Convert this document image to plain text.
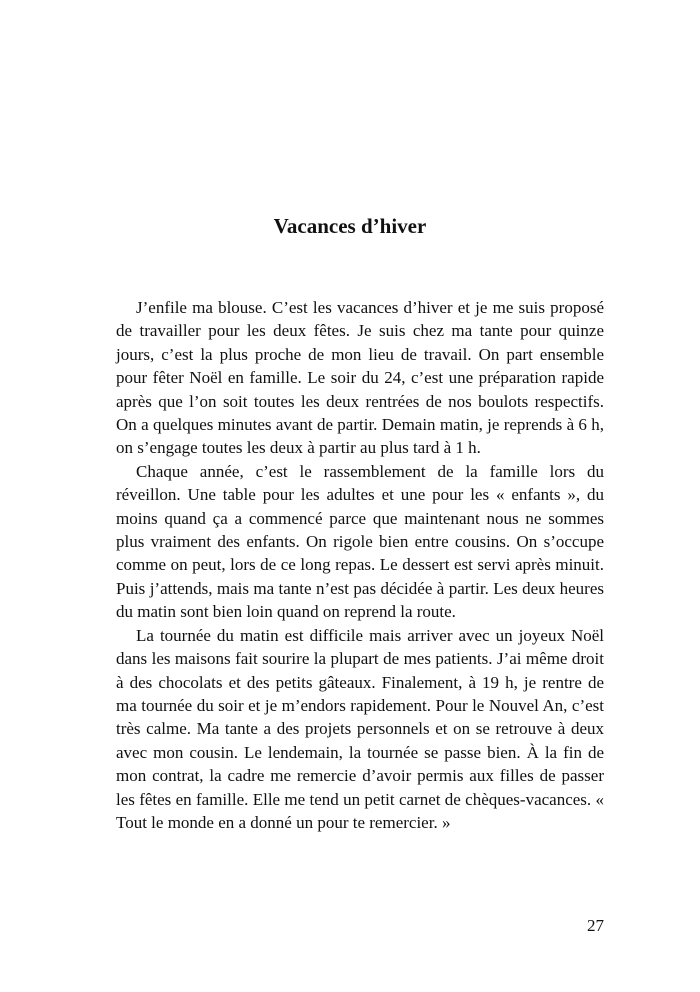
Vacances d’hiver

J’enfile ma blouse. C’est les vacances d’hiver et je me suis proposé de travailler pour les deux fêtes. Je suis chez ma tante pour quinze jours, c’est la plus proche de mon lieu de travail. On part ensemble pour fêter Noël en famille. Le soir du 24, c’est une préparation rapide après que l’on soit toutes les deux rentrées de nos boulots respectifs. On a quelques minutes avant de partir. Demain matin, je reprends à 6 h, on s’engage toutes les deux à partir au plus tard à 1 h.

Chaque année, c’est le rassemblement de la famille lors du réveillon. Une table pour les adultes et une pour les « enfants », du moins quand ça a commencé parce que maintenant nous ne sommes plus vraiment des enfants. On rigole bien entre cousins. On s’occupe comme on peut, lors de ce long repas. Le dessert est servi après minuit. Puis j’attends, mais ma tante n’est pas décidée à partir. Les deux heures du matin sont bien loin quand on reprend la route.

La tournée du matin est difficile mais arriver avec un joyeux Noël dans les maisons fait sourire la plupart de mes patients. J’ai même droit à des chocolats et des petits gâteaux. Finalement, à 19 h, je rentre de ma tournée du soir et je m’endors rapidement. Pour le Nouvel An, c’est très calme. Ma tante a des projets personnels et on se retrouve à deux avec mon cousin. Le lendemain, la tournée se passe bien. À la fin de mon contrat, la cadre me remercie d’avoir permis aux filles de passer les fêtes en famille. Elle me tend un petit carnet de chèques-vacances. « Tout le monde en a donné un pour te remercier. »

27
